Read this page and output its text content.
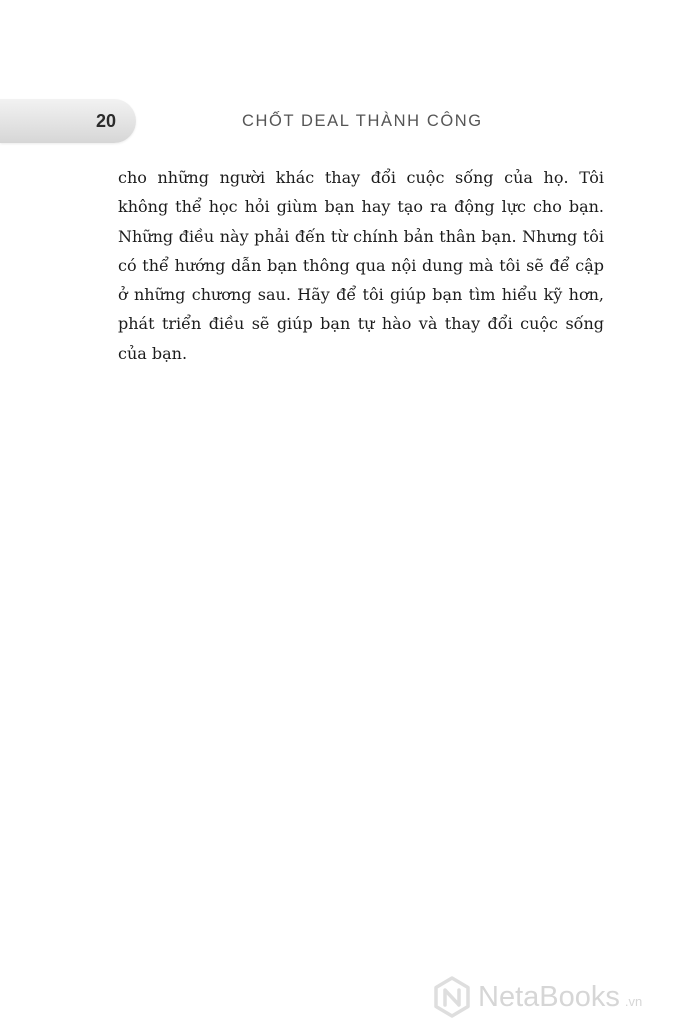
20	CHỐT DEAL THÀNH CÔNG
cho những người khác thay đổi cuộc sống của họ. Tôi
không thể học hỏi giùm bạn hay tạo ra động lực cho bạn.
Những điều này phải đến từ chính bản thân bạn. Nhưng tôi
có thể hướng dẫn bạn thông qua nội dung mà tôi sẽ để cập
ở những chương sau. Hãy để tôi giúp bạn tìm hiểu kỹ hơn,
phát triển điều sẽ giúp bạn tự hào và thay đổi cuộc sống
của bạn.
NetaBooks .vn
